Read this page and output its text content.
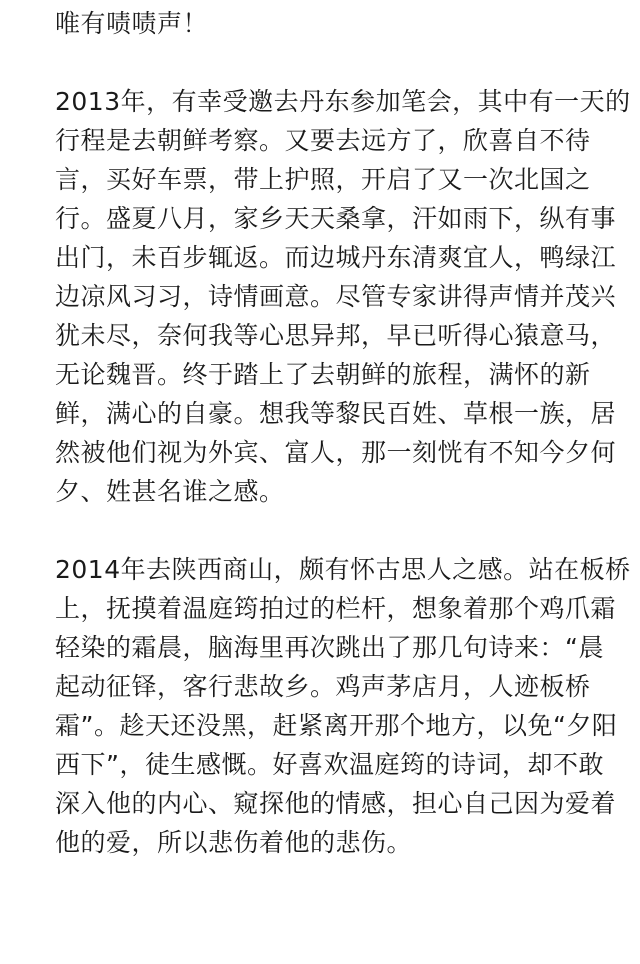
唯有啧啧声！
2013年，有幸受邀去丹东参加笔会，其中有一天的
行程是去朝鲜考察。又要去远方了，欣喜自不待
言，买好车票，带上护照，开启了又一次北国之
行。盛夏八月，家乡天天桑拿，汗如雨下，纵有事
出门，未百步辄返。而边城丹东清爽宜人，鸭绿江
边凉风习习，诗情画意。尽管专家讲得声情并茂兴
犹未尽，奈何我等心思异邦，早已听得心猿意马，
无论魏晋。终于踏上了去朝鲜的旅程，满怀的新
鲜，满心的自豪。想我等黎民百姓、草根一族，居
然被他们视为外宾、富人，那一刻恍有不知今夕何
夕、姓甚名谁之感。
2014年去陕西商山，颇有怀古思人之感。站在板桥
上，抚摸着温庭筠拍过的栏杆，想象着那个鸡爪霜
轻染的霜晨，脑海里再次跳出了那几句诗来：“晨
起动征铎，客行悲故乡。鸡声茅店月，人迹板桥
霜”。趁天还没黑，赶紧离开那个地方，以免“夕阳
西下”，徒生感慨。好喜欢温庭筠的诗词，却不敢
深入他的内心、窥探他的情感，担心自己因为爱着
他的爱，所以悲伤着他的悲伤。
